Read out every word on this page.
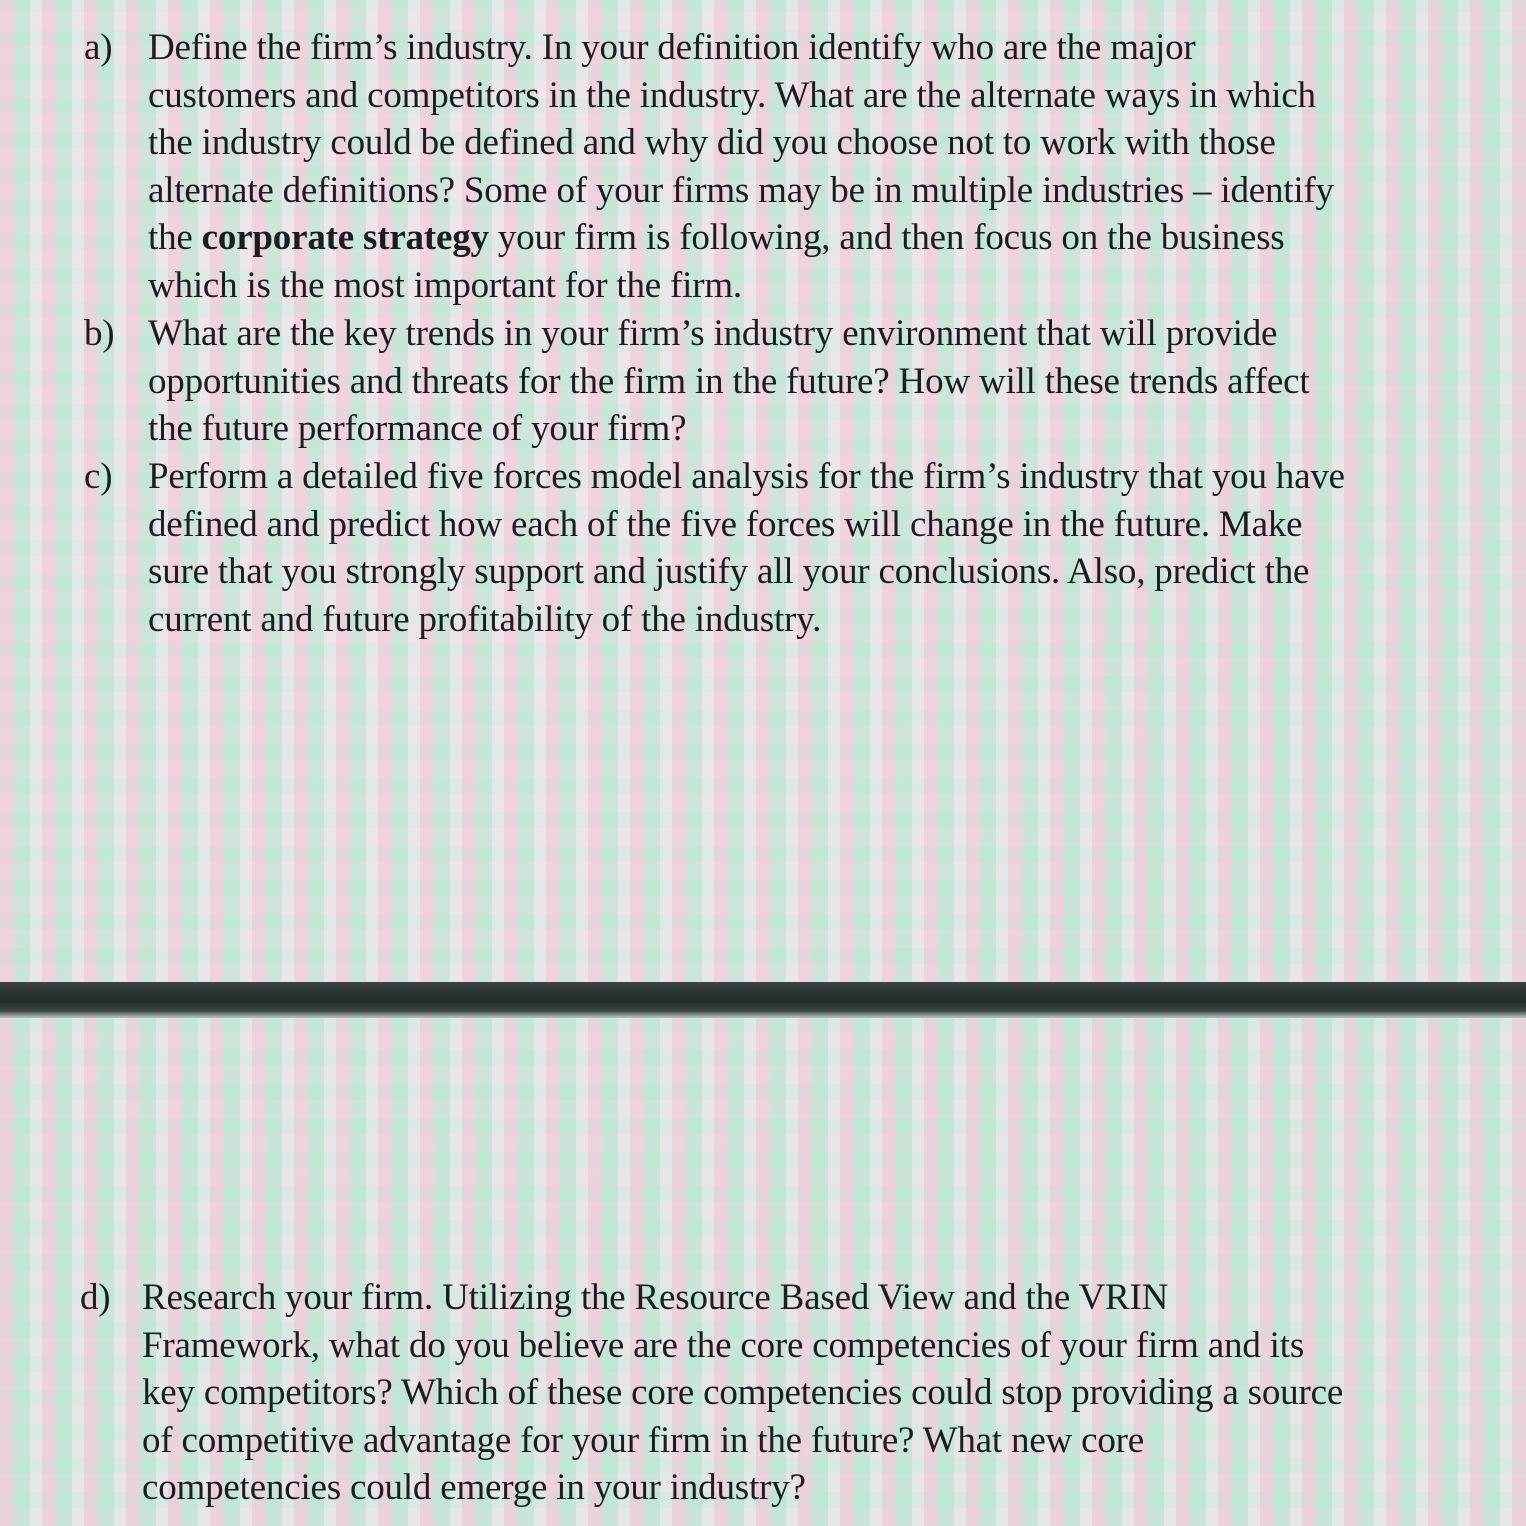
a) Define the firm’s industry. In your definition identify who are the major
customers and competitors in the industry. What are the alternate ways in which
the industry could be defined and why did you choose not to work with those
alternate definitions? Some of your firms may be in multiple industries – identify
the corporate strategy your firm is following, and then focus on the business
which is the most important for the firm.
b) What are the key trends in your firm’s industry environment that will provide
opportunities and threats for the firm in the future? How will these trends affect
the future performance of your firm?
c) Perform a detailed five forces model analysis for the firm’s industry that you have
defined and predict how each of the five forces will change in the future. Make
sure that you strongly support and justify all your conclusions. Also, predict the
current and future profitability of the industry.
d) Research your firm. Utilizing the Resource Based View and the VRIN
Framework, what do you believe are the core competencies of your firm and its
key competitors? Which of these core competencies could stop providing a source
of competitive advantage for your firm in the future? What new core
competencies could emerge in your industry?
